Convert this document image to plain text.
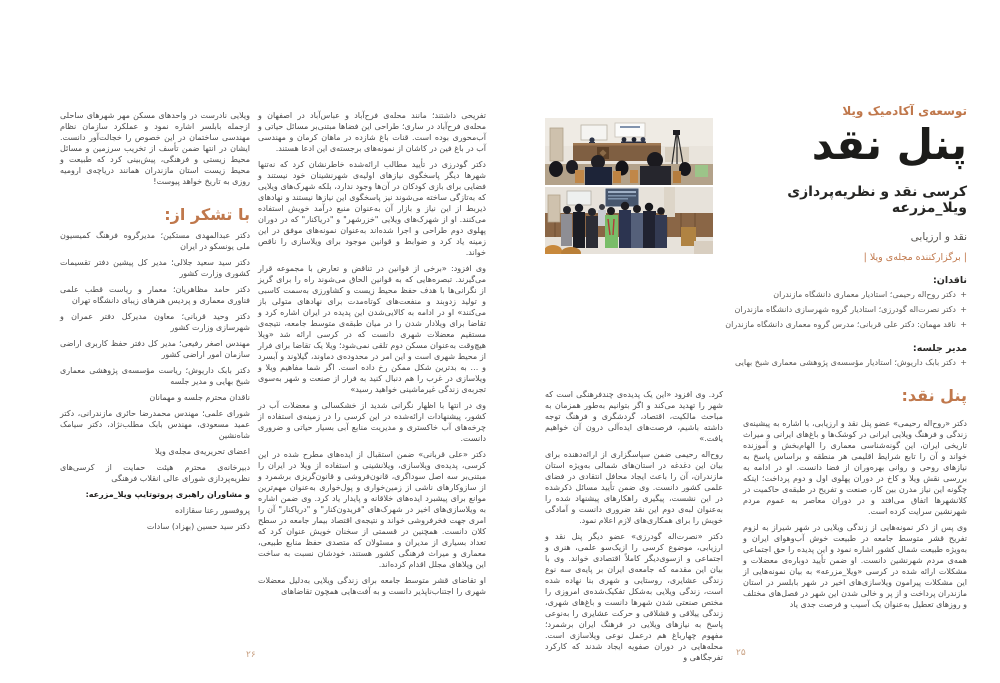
توسعه‌ی آکادمیک ویلا
پنل نقد
کرسی نقد و نظریه‌پردازی ویلا_مزرعه
نقد و ارزیابی
| برگزارکننده مجله‌ی ویلا |
ناقدان:
+ دکتر روح‌اله رحیمی؛ استادیار معماری دانشگاه مازندران
+ دکتر نصرت‌اله گودرزی؛ استادیار گروه شهرسازی دانشگاه مازندران
+ ناقد مهمان: دکتر علی قربانی؛ مدرس گروه معماری دانشگاه مازندران
مدیر جلسه:
+ دکتر بابک داریوش؛ استادیار مؤسسه‌ی پژوهشی معماری شیخ بهایی
پنل نقد:

دکتر «روح‌اله رحیمی» عضو پنل نقد و ارزیابی، با اشاره به پیشینه‌ی زندگی و فرهنگ ویلایی ایرانی در کوشک‌ها و باغ‌های ایرانی و میراث تاریخی ایران، این گونه‌شناسی معماری را الهام‌بخش و آموزنده خواند و آن را تابع شرایط اقلیمی هر منطقه و براساس پاسخ به نیازهای روحی و روانی بهره‌وران از فضا دانست. او در ادامه به بررسی نقش ویلا و کاخ در دوران پهلوی اول و دوم پرداخت؛ اینکه چگونه این نیاز مدرن بین کار، صنعت و تفریح در طبقه‌ی حاکمیت در کلانشهرها اتفاق می‌افتد و در دوران معاصر به عموم مردم شهرنشین سرایت کرده است.

وی پس از ذکر نمونه‌هایی از زندگی ویلایی در شهر شیراز به لزوم تفریح قشر متوسط جامعه در طبیعت خوش آب‌وهوای ایران و به‌ویژه طبیعت شمال کشور اشاره نمود و این پدیده را حق اجتماعی همه‌ی مردم شهرنشین دانست. او ضمن تأیید دوباره‌ی معضلات و مشکلات ارائه شده در کرسی «ویلا_مزرعه» به بیان نمونه‌هایی از این مشکلات پیرامون ویلاسازی‌های اخیر در شهر بابلسر در استان مازندران پرداخت و از پر و خالی شدن این شهر در فصل‌های مختلف و روزهای تعطیل به‌عنوان یک آسیب و فرصت جدی یاد

کرد. وی افزود «این یک پدیده‌ی چندفرهنگی است که شهر را تهدید می‌کند و اگر بتوانیم به‌طور همزمان به مباحث مالکیت، اقتصاد، گردشگری و فرهنگ توجه داشته باشیم، فرصت‌های ایده‌آلی درون آن خواهیم یافت.»

روح‌اله رحیمی ضمن سپاسگزاری از ارائه‌دهنده برای بیان این دغدغه در استان‌های شمالی به‌ویژه استان مازندران، آن را باعث ایجاد محافل انتقادی در فضای علمی کشور دانست. وی ضمن تأیید مسائل ذکرشده در این نشست، پیگیری راهکارهای پیشنهاد شده را به‌عنوان لبه‌ی دوم این نقد ضروری دانست و آمادگی خویش را برای همکاری‌های لازم اعلام نمود.

دکتر «نصرت‌اله گودرزی» عضو دیگر پنل نقد و ارزیابی، موضوع کرسی را ازیک‌سو علمی، هنری و اجتماعی و ازسوی‌دیگر کاملاً اقتصادی خواند. وی با بیان این مقدمه که جامعه‌ی ایران بر پایه‌ی سه نوع زندگی عشایری، روستایی و شهری بنا نهاده شده است، زندگی ویلایی به‌شکل تفکیک‌شده‌ی امروزی را مختص صنعتی شدن شهرها دانست و باغ‌های شهری، زندگی ییلاقی و قشلاقی و حرکت عشایری را به‌نوعی پاسخ به نیازهای ویلایی در فرهنگ ایران برشمرد؛ مفهوم چهارباغ هم درعمل نوعی ویلاسازی است. محله‌هایی در دوران صفویه ایجاد شدند که کارکرد تفرجگاهی و ۲۵

تفریحی داشتند؛ مانند محله‌ی فرح‌آباد و عباس‌آباد در اصفهان و محله‌ی فرح‌آباد در ساری؛ طراحی این فضاها مبتنی‌بر مسائل حیاتی و آب‌محوری بوده است. قنات باغ شازده در ماهان کرمان و مهندسی آب در باغ فین در کاشان از نمونه‌های برجسته‌ی این ادعا هستند.

دکتر گودرزی در تأیید مطالب ارائه‌شده خاطرنشان کرد که نه‌تنها شهرها دیگر پاسخگوی نیازهای اولیه‌ی شهرنشینان خود نیستند و فضایی برای بازی کودکان در آن‌ها وجود ندارد، بلکه شهرک‌های ویلایی که به‌تازگی ساخته می‌شوند نیز پاسخگوی این نیازها نیستند و نهادهای ذیربط از این نیاز و بازار آن به‌عنوان منبع درآمد خویش استفاده می‌کنند. او از شهرک‌های ویلایی "خزرشهر" و "دریاکنار" که در دوران پهلوی دوم طراحی و اجرا شده‌اند به‌عنوان نمونه‌های موفق در این زمینه یاد کرد و ضوابط و قوانین موجود برای ویلاسازی را ناقص خواند.

وی افزود: «برخی از قوانین در تناقض و تعارض با مجموعه قرار می‌گیرند. تبصره‌هایی که به قوانین الحاق می‌شوند راه را برای گریز از نگرانی‌ها با هدف حفظ محیط زیست و کشاورزی به‌سمت کاسبی و تولید زدوبند و منفعت‌های کوتاه‌مدت برای نهادهای متولی باز می‌کنند» او در ادامه به کالایی‌شدن این پدیده در ایران اشاره کرد و تقاضا برای ویلادار شدن را در میان طبقه‌ی متوسط جامعه، نتیجه‌ی مستقیم معضلات شهری دانست که در کرسی ارائه شد «ویلا هیچ‌وقت به‌عنوان مسکن دوم تلقی نمی‌شود؛ ویلا یک تقاضا برای فرار از محیط شهری است و این امر در محدوده‌ی دماوند، گیلاوند و آبسرد و … به بدترین شکل ممکن رخ داده است. اگر شما مفاهیم ویلا و ویلاسازی در غرب را هم دنبال کنید به فرار از صنعت و شهر به‌سوی تجربه‌ی زندگی غیرماشینی خواهید رسید»

وی در انتها با اظهار نگرانی شدید از خشکسالی و معضلات آب در کشور، پیشنهادات ارائه‌شده در این کرسی را در زمینه‌ی استفاده از چرخه‌های آب خاکستری و مدیریت منابع آبی بسیار حیاتی و ضروری دانست.

دکتر «علی قربانی» ضمن استقبال از ایده‌های مطرح شده در این کرسی، پدیده‌ی ویلاسازی، ویلانشینی و استفاده از ویلا در ایران را مبتنی‌بر سه اصل سوداگری، قانون‌فروشی و قانون‌گریزی برشمرد و از سازوکارهای ناشی از زمین‌خواری و پول‌خواری به‌عنوان مهم‌ترین موانع برای پیشبرد ایده‌های خلاقانه و پایدار یاد کرد. وی ضمن اشاره به ویلاسازی‌های اخیر در شهرک‌های "فریدون‌کنار" و "دریاکنار" آن را امری جهت فخرفروشی خواند و نتیجه‌ی اقتصاد بیمار جامعه در سطح کلان دانست. همچنین در قسمتی از سخنان خویش عنوان کرد که تعداد بسیاری از مدیران و مسئولان که متصدی حفظ منابع طبیعی، معماری و میراث فرهنگی کشور هستند، خودشان نسبت به ساخت این ویلاهای مجلل اقدام کرده‌اند.

او تقاضای قشر متوسط جامعه برای زندگی ویلایی به‌دلیل معضلات شهری را اجتناب‌ناپذیر دانست و به آفت‌هایی همچون تقاضاهای

ویلایی نادرست در واحدهای مسکن مهر شهرهای ساحلی ازجمله بابلسر اشاره نمود و عملکرد سازمان نظام مهندسی ساختمان در این خصوص را خجالت‌آور دانست. ایشان در انتها ضمن تأسف از تخریب سرزمین و مسائل محیط زیستی و فرهنگی، پیش‌بینی کرد که طبیعت و محیط زیست استان مازندران همانند دریاچه‌ی ارومیه روزی به تاریخ خواهد پیوست!

با تشکر از:

دکتر عبدالمهدی مستکین؛ مدیرگروه فرهنگ کمیسیون ملی یونسکو در ایران

دکتر سید سعید جلالی؛ مدیر کل پیشین دفتر تقسیمات کشوری وزارت کشور

دکتر حامد مظاهریان؛ معمار و ریاست قطب علمی فناوری معماری و پردیس هنرهای زیبای دانشگاه تهران

دکتر وحید قربانی؛ معاون مدیرکل دفتر عمران و شهرسازی وزارت کشور

مهندس اصغر رفیعی؛ مدیر کل دفتر حفظ کاربری اراضی سازمان امور اراضی کشور

دکتر بابک داریوش؛ ریاست مؤسسه‌ی پژوهشی معماری شیخ بهایی و مدیر جلسه

ناقدان محترم جلسه و مهمانان

شورای علمی؛ مهندس محمدرضا حائری مازندرانی، دکتر عمید مسعودی، مهندس بابک مطلب‌نژاد، دکتر سیامک شاه‌نشین

اعضای تحریریه‌ی مجله‌ی ویلا

دبیرخانه‌ی محترم هیئت حمایت از کرسی‌های نظریه‌پردازی شورای عالی انقلاب فرهنگی

و مشاوران راهبری پروتوتایپ ویلا_مزرعه:

پروفسور رعنا سقازاده

دکتر سید حسین (بهزاد) سادات

۲۶
